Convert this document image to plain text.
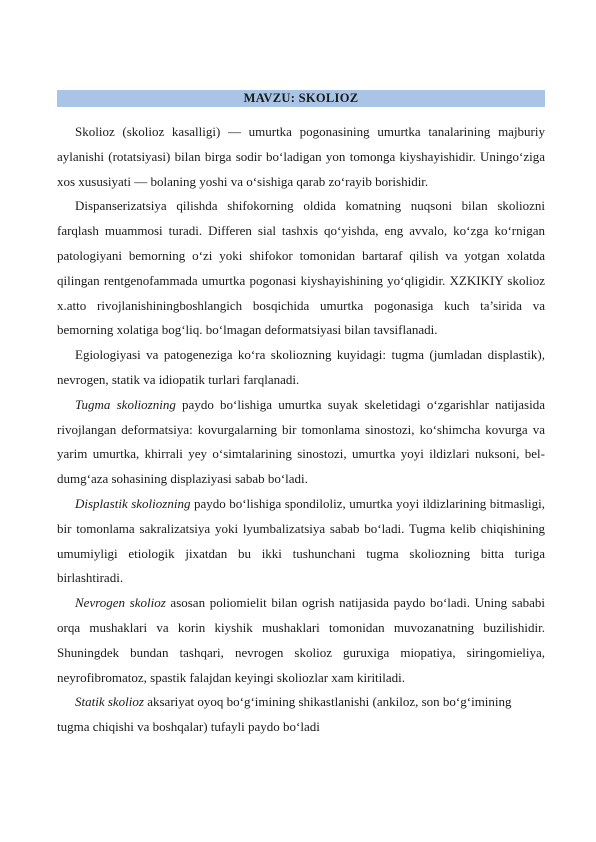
MAVZU: SKOLIOZ

Skolioz (skolioz kasalligi) — umurtka pogonasining umurtka tanalarining majburiy aylanishi (rotatsiyasi) bilan birga sodir bo‘ladigan yon tomonga kiyshayishidir. Uningo‘ziga xos xususiyati — bolaning yoshi va o‘sishiga qarab zo‘rayib borishidir.

Dispanserizatsiya qilishda shifokorning oldida komatning nuqsoni bilan skoliozni farqlash muammosi turadi. Differen sial tashxis qo‘yishda, eng avvalo, ko‘zga ko‘rnigan patologiyani bemorning o‘zi yoki shifokor tomonidan bartaraf qilish va yotgan xolatda qilingan rentgenofammada umurtka pogonasi kiyshayishining yo‘qligidir. XZKIKIY skolioz x.atto rivojlanishiningboshlangich bosqichida umurtka pogonasiga kuch ta’sirida va bemorning xolatiga bog‘liq. bo‘lmagan deformatsiyasi bilan tavsiflanadi.

Egiologiyasi va patogeneziga ko‘ra skoliozning kuyidagi: tugma (jumladan displastik), nevrogen, statik va idiopatik turlari farqlanadi.

Tugma skoliozning paydo bo‘lishiga umurtka suyak skeletidagi o‘zgarishlar natijasida rivojlangan deformatsiya: kovurgalarning bir tomonlama sinostozi, ko‘shimcha kovurga va yarim umurtka, khirrali yey o‘simtalarining sinostozi, umurtka yoyi ildizlari nuksoni, bel-dumg‘aza sohasining displaziyasi sabab bo‘ladi.

Displastik skoliozning paydo bo‘lishiga spondiloliz, umurtka yoyi ildizlarining bitmasligi, bir tomonlama sakralizatsiya yoki lyumbalizatsiya sabab bo‘ladi. Tugma kelib chiqishining umumiyligi etiologik jixatdan bu ikki tushunchani tugma skoliozning bitta turiga birlashtiradi.

Nevrogen skolioz asosan poliomielit bilan ogrish natijasida paydo bo‘ladi. Uning sababi orqa mushaklari va korin kiyshik mushaklari tomonidan muvozanatning buzilishidir. Shuningdek bundan tashqari, nevrogen skolioz guruxiga miopatiya, siringomieliya, neyrofibromatoz, spastik falajdan keyingi skoliozlar xam kiritiladi.

Statik skolioz aksariyat oyoq bo‘g‘imining shikastlanishi (ankiloz, son bo‘g‘imining tugma chiqishi va boshqalar) tufayli paydo bo‘ladi
